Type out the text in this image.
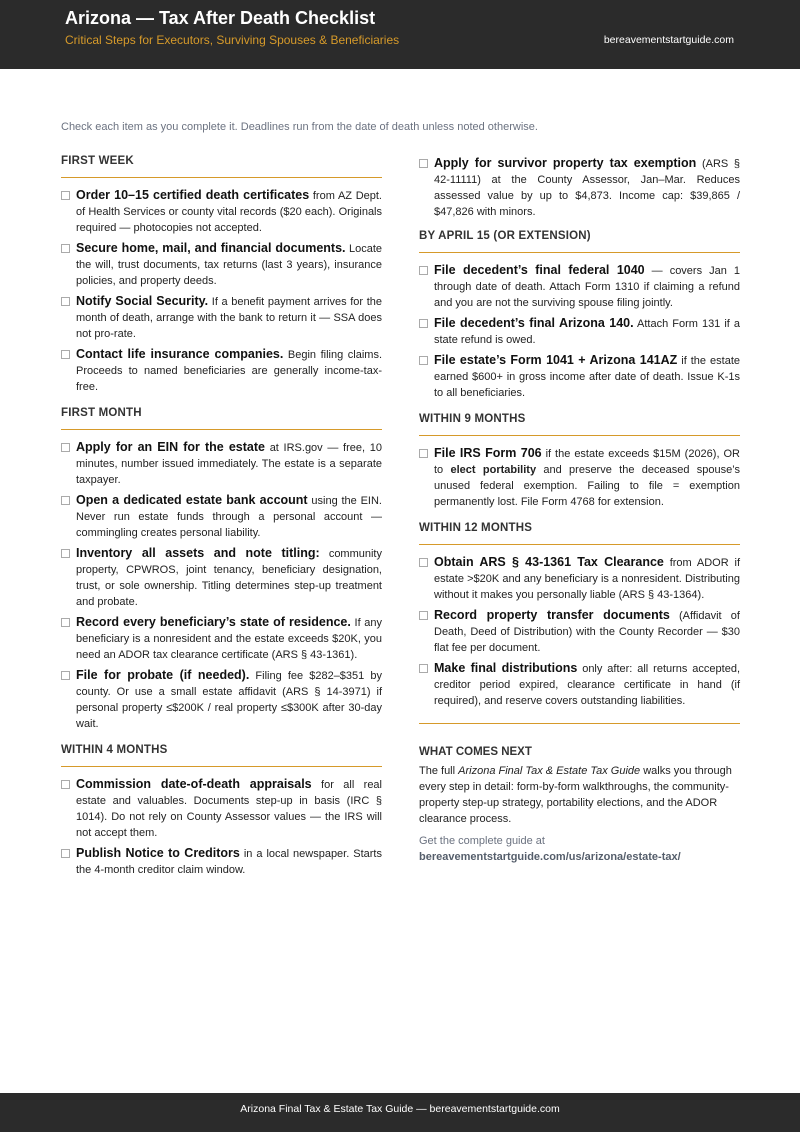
Arizona — Tax After Death Checklist
Critical Steps for Executors, Surviving Spouses & Beneficiaries	bereavementstartguide.com
Check each item as you complete it. Deadlines run from the date of death unless noted otherwise.
FIRST WEEK
Order 10–15 certified death certificates from AZ Dept. of Health Services or county vital records ($20 each). Originals required — photocopies not accepted.
Secure home, mail, and financial documents. Locate the will, trust documents, tax returns (last 3 years), insurance policies, and property deeds.
Notify Social Security. If a benefit payment arrives for the month of death, arrange with the bank to return it — SSA does not pro-rate.
Contact life insurance companies. Begin filing claims. Proceeds to named beneficiaries are generally income-tax-free.
FIRST MONTH
Apply for an EIN for the estate at IRS.gov — free, 10 minutes, number issued immediately. The estate is a separate taxpayer.
Open a dedicated estate bank account using the EIN. Never run estate funds through a personal account — commingling creates personal liability.
Inventory all assets and note titling: community property, CPWROS, joint tenancy, beneficiary designation, trust, or sole ownership. Titling determines step-up treatment and probate.
Record every beneficiary’s state of residence. If any beneficiary is a nonresident and the estate exceeds $20K, you need an ADOR tax clearance certificate (ARS § 43-1361).
File for probate (if needed). Filing fee $282–$351 by county. Or use a small estate affidavit (ARS § 14-3971) if personal property ≤$200K / real property ≤$300K after 30-day wait.
WITHIN 4 MONTHS
Commission date-of-death appraisals for all real estate and valuables. Documents step-up in basis (IRC § 1014). Do not rely on County Assessor values — the IRS will not accept them.
Publish Notice to Creditors in a local newspaper. Starts the 4-month creditor claim window.
Apply for survivor property tax exemption (ARS § 42-11111) at the County Assessor, Jan–Mar. Reduces assessed value by up to $4,873. Income cap: $39,865 / $47,826 with minors.
BY APRIL 15 (OR EXTENSION)
File decedent’s final federal 1040 — covers Jan 1 through date of death. Attach Form 1310 if claiming a refund and you are not the surviving spouse filing jointly.
File decedent’s final Arizona 140. Attach Form 131 if a state refund is owed.
File estate’s Form 1041 + Arizona 141AZ if the estate earned $600+ in gross income after date of death. Issue K-1s to all beneficiaries.
WITHIN 9 MONTHS
File IRS Form 706 if the estate exceeds $15M (2026), OR to elect portability and preserve the deceased spouse’s unused federal exemption. Failing to file = exemption permanently lost. File Form 4768 for extension.
WITHIN 12 MONTHS
Obtain ARS § 43-1361 Tax Clearance from ADOR if estate >$20K and any beneficiary is a nonresident. Distributing without it makes you personally liable (ARS § 43-1364).
Record property transfer documents (Affidavit of Death, Deed of Distribution) with the County Recorder — $30 flat fee per document.
Make final distributions only after: all returns accepted, creditor period expired, clearance certificate in hand (if required), and reserve covers outstanding liabilities.
WHAT COMES NEXT

The full Arizona Final Tax & Estate Tax Guide walks you through every step in detail: form-by-form walkthroughs, the community-property step-up strategy, portability elections, and the ADOR clearance process.

Get the complete guide at
bereavementstartguide.com/us/arizona/estate-tax/
Arizona Final Tax & Estate Tax Guide — bereavementstartguide.com
